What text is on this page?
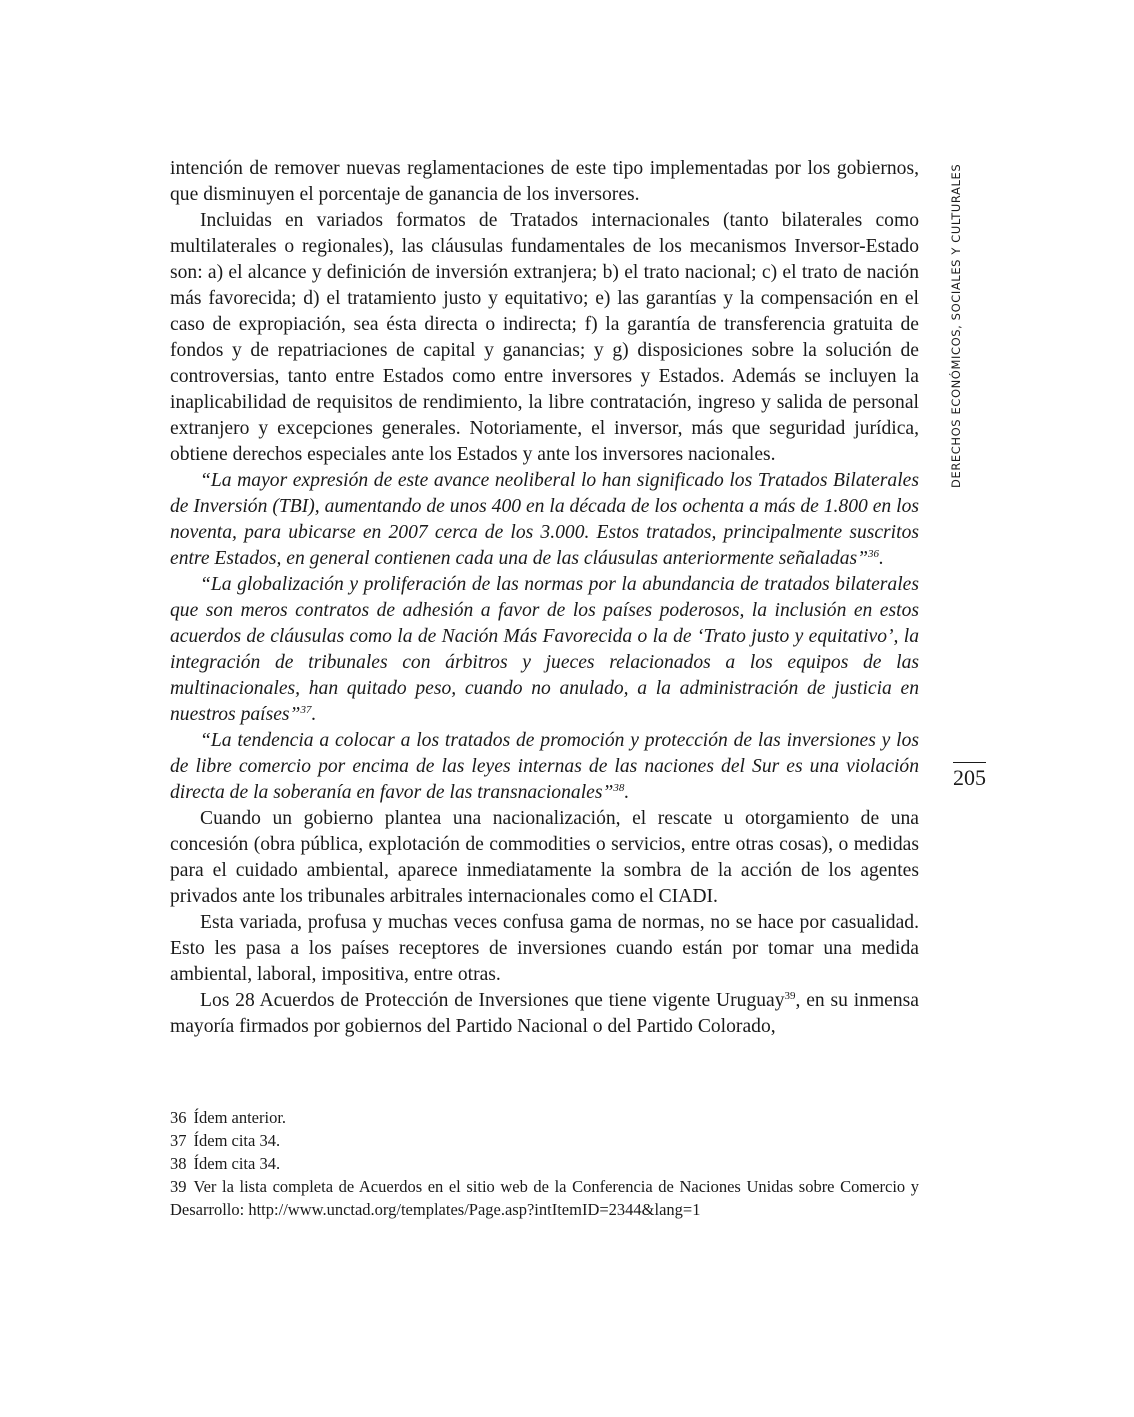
intención de remover nuevas reglamentaciones de este tipo implementadas por los gobiernos, que disminuyen el porcentaje de ganancia de los inversores.

Incluidas en variados formatos de Tratados internacionales (tanto bilaterales como multilaterales o regionales), las cláusulas fundamentales de los mecanismos Inversor-Estado son: a) el alcance y definición de inversión extranjera; b) el trato nacional; c) el trato de nación más favorecida; d) el tratamiento justo y equitativo; e) las garantías y la compensación en el caso de expropiación, sea ésta directa o indirecta; f) la garantía de transferencia gratuita de fondos y de repatriaciones de capital y ganancias; y g) disposiciones sobre la solución de controversias, tanto entre Estados como entre inversores y Estados. Además se incluyen la inaplicabilidad de requisitos de rendimiento, la libre contratación, ingreso y salida de personal extranjero y excepciones generales. Notoriamente, el inversor, más que seguridad jurídica, obtiene derechos especiales ante los Estados y ante los inversores nacionales.

“La mayor expresión de este avance neoliberal lo han significado los Tratados Bilaterales de Inversión (TBI), aumentando de unos 400 en la década de los ochenta a más de 1.800 en los noventa, para ubicarse en 2007 cerca de los 3.000. Estos tratados, principalmente suscritos entre Estados, en general contienen cada una de las cláusulas anteriormente señaladas”$^{36}$.

“La globalización y proliferación de las normas por la abundancia de tratados bilaterales que son meros contratos de adhesión a favor de los países poderosos, la inclusión en estos acuerdos de cláusulas como la de Nación Más Favorecida o la de ‘Trato justo y equitativo’, la integración de tribunales con árbitros y jueces relacionados a los equipos de las multinacionales, han quitado peso, cuando no anulado, a la administración de justicia en nuestros países”$^{37}$.

“La tendencia a colocar a los tratados de promoción y protección de las inversiones y los de libre comercio por encima de las leyes internas de las naciones del Sur es una violación directa de la soberanía en favor de las transnacionales”$^{38}$.

Cuando un gobierno plantea una nacionalización, el rescate u otorgamiento de una concesión (obra pública, explotación de commodities o servicios, entre otras cosas), o medidas para el cuidado ambiental, aparece inmediatamente la sombra de la acción de los agentes privados ante los tribunales arbitrales internacionales como el CIADI.

Esta variada, profusa y muchas veces confusa gama de normas, no se hace por casualidad. Esto les pasa a los países receptores de inversiones cuando están por tomar una medida ambiental, laboral, impositiva, entre otras.

Los 28 Acuerdos de Protección de Inversiones que tiene vigente Uruguay$^{39}$, en su inmensa mayoría firmados por gobiernos del Partido Nacional o del Partido Colorado,

36 Ídem anterior.

37 Ídem cita 34.

38 Ídem cita 34.

39 Ver la lista completa de Acuerdos en el sitio web de la Conferencia de Naciones Unidas sobre Comercio y Desarrollo: http://www.unctad.org/templates/Page.asp?intItemID=2344&lang=1

DERECHOS ECONÓMICOS, SOCIALES Y CULTURALES
205
